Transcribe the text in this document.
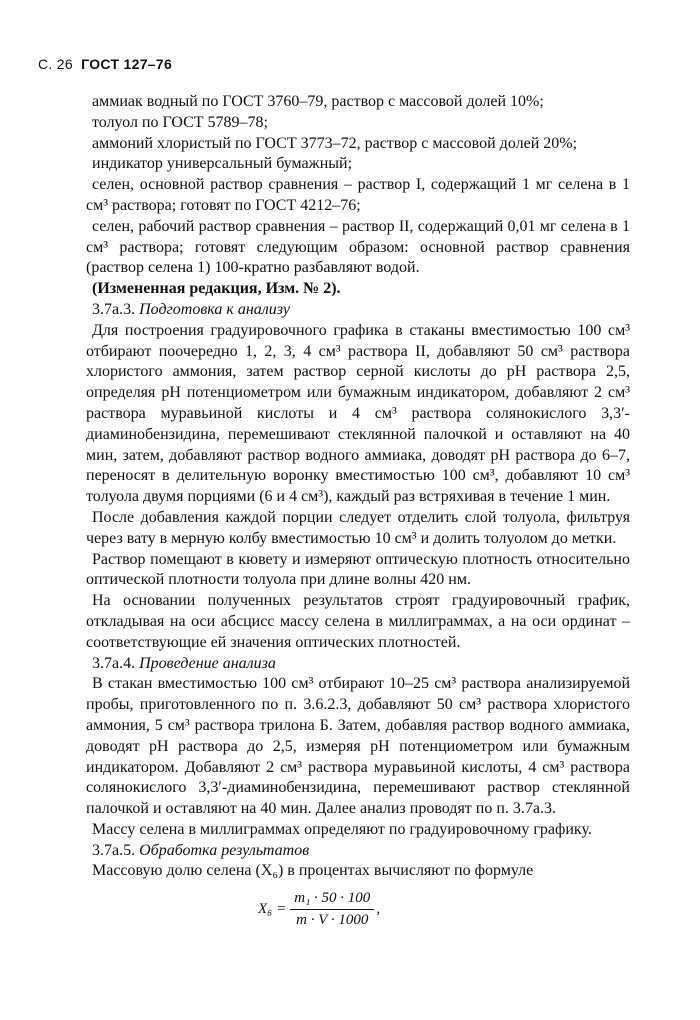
С. 26 ГОСТ 127–76

аммиак водный по ГОСТ 3760–79, раствор с массовой долей 10%;

толуол по ГОСТ 5789–78;

аммоний хлористый по ГОСТ 3773–72, раствор с массовой долей 20%;

индикатор универсальный бумажный;

селен, основной раствор сравнения – раствор I, содержащий 1 мг селена в 1 см³ раствора; готовят по ГОСТ 4212–76;

селен, рабочий раствор сравнения – раствор II, содержащий 0,01 мг селена в 1 см³ раствора; готовят следующим образом: основной раствор сравнения (раствор селена 1) 100-кратно разбавляют водой.

(Измененная редакция, Изм. № 2).

3.7а.3. Подготовка к анализу

Для построения градуировочного графика в стаканы вместимостью 100 см³ отбирают поочередно 1, 2, 3, 4 см³ раствора II, добавляют 50 см³ раствора хлористого аммония, затем раствор серной кислоты до pH раствора 2,5, определяя pH потенциометром или бумажным индикатором, добавляют 2 см³ раствора муравьиной кислоты и 4 см³ раствора солянокислого 3,3′-диаминобензидина, перемешивают стеклянной палочкой и оставляют на 40 мин, затем, добавляют раствор водного аммиака, доводят pH раствора до 6–7, переносят в делительную воронку вместимостью 100 см³, добавляют 10 см³ толуола двумя порциями (6 и 4 см³), каждый раз встряхивая в течение 1 мин.

После добавления каждой порции следует отделить слой толуола, фильтруя через вату в мерную колбу вместимостью 10 см³ и долить толуолом до метки.

Раствор помещают в кювету и измеряют оптическую плотность относительно оптической плотности толуола при длине волны 420 нм.

На основании полученных результатов строят градуировочный график, откладывая на оси абсцисс массу селена в миллиграммах, а на оси ординат – соответствующие ей значения оптических плотностей.

3.7а.4. Проведение анализа

В стакан вместимостью 100 см³ отбирают 10–25 см³ раствора анализируемой пробы, приготовленного по п. 3.6.2.3, добавляют 50 см³ раствора хлористого аммония, 5 см³ раствора трилона Б. Затем, добавляя раствор водного аммиака, доводят pH раствора до 2,5, измеряя pH потенциометром или бумажным индикатором. Добавляют 2 см³ раствора муравьиной кислоты, 4 см³ раствора солянокислого 3,3′-диаминобензидина, перемешивают раствор стеклянной палочкой и оставляют на 40 мин. Далее анализ проводят по п. 3.7а.3.

Массу селена в миллиграммах определяют по градуировочному графику.

3.7а.5. Обработка результатов

Массовую долю селена (X₆) в процентах вычисляют по формуле

$X_6 = \frac{\text{m₁ · 50 · 100}}{m \cdot V \cdot 1000}$ ,
